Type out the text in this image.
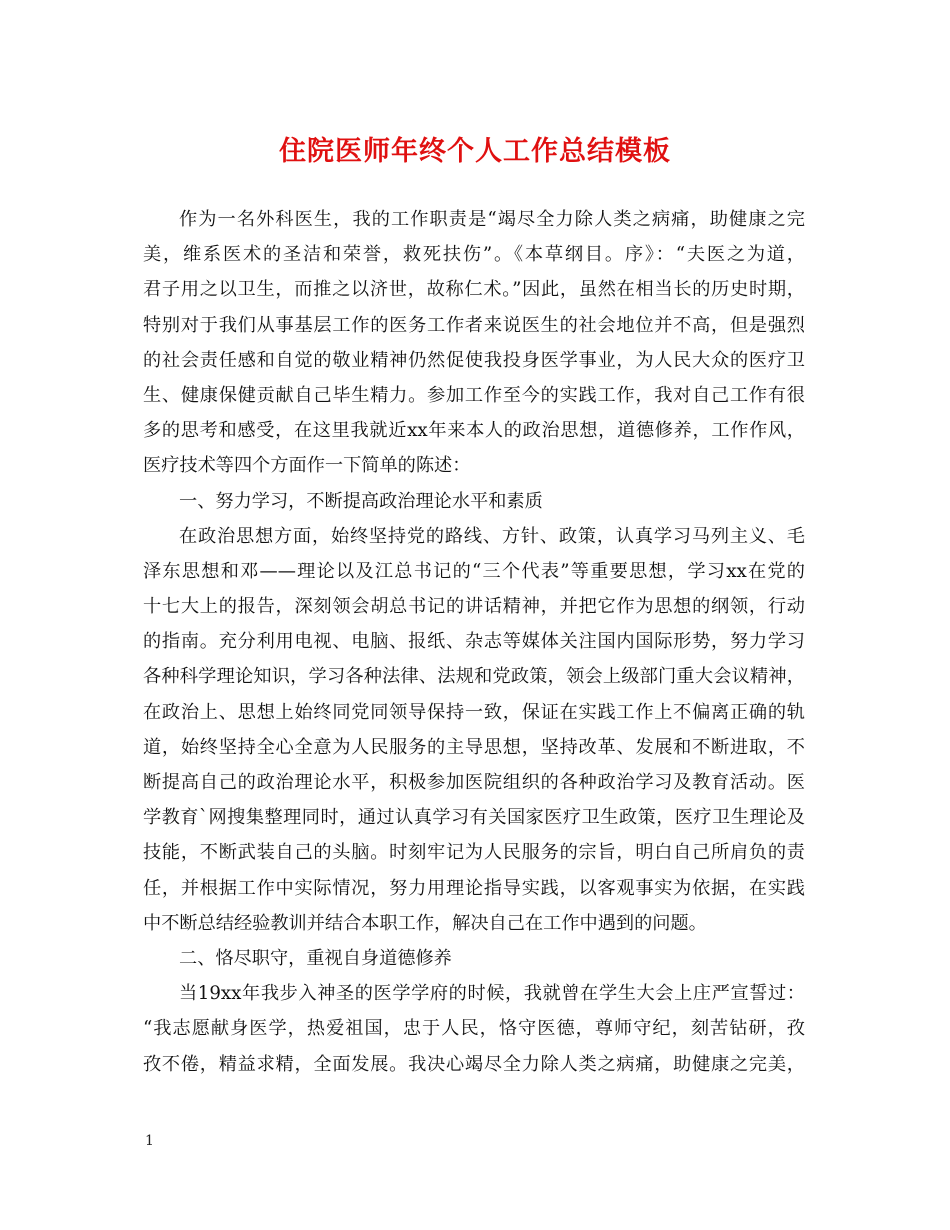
住院医师年终个人工作总结模板
作为一名外科医生，我的工作职责是“竭尽全力除人类之病痛，助健康之完
美，维系医术的圣洁和荣誉，救死扶伤”。《本草纲目。序》：“夫医之为道，
君子用之以卫生，而推之以济世，故称仁术。”因此，虽然在相当长的历史时期，
特别对于我们从事基层工作的医务工作者来说医生的社会地位并不高，但是强烈
的社会责任感和自觉的敬业精神仍然促使我投身医学事业，为人民大众的医疗卫
生、健康保健贡献自己毕生精力。参加工作至今的实践工作，我对自己工作有很
多的思考和感受，在这里我就近xx年来本人的政治思想，道德修养，工作作风，
医疗技术等四个方面作一下简单的陈述：
一、努力学习，不断提高政治理论水平和素质
在政治思想方面，始终坚持党的路线、方针、政策，认真学习马列主义、毛
泽东思想和邓——理论以及江总书记的“三个代表”等重要思想，学习xx在党的
十七大上的报告，深刻领会胡总书记的讲话精神，并把它作为思想的纲领，行动
的指南。充分利用电视、电脑、报纸、杂志等媒体关注国内国际形势，努力学习
各种科学理论知识，学习各种法律、法规和党政策，领会上级部门重大会议精神，
在政治上、思想上始终同党同领导保持一致，保证在实践工作上不偏离正确的轨
道，始终坚持全心全意为人民服务的主导思想，坚持改革、发展和不断进取，不
断提高自己的政治理论水平，积极参加医院组织的各种政治学习及教育活动。医
学教育`网搜集整理同时，通过认真学习有关国家医疗卫生政策，医疗卫生理论及
技能，不断武装自己的头脑。时刻牢记为人民服务的宗旨，明白自己所肩负的责
任，并根据工作中实际情况，努力用理论指导实践，以客观事实为依据，在实践
中不断总结经验教训并结合本职工作，解决自己在工作中遇到的问题。
二、恪尽职守，重视自身道德修养
当19xx年我步入神圣的医学学府的时候，我就曾在学生大会上庄严宣誓过：
“我志愿献身医学，热爱祖国，忠于人民，恪守医德，尊师守纪，刻苦钻研，孜
孜不倦，精益求精，全面发展。我决心竭尽全力除人类之病痛，助健康之完美，
1
